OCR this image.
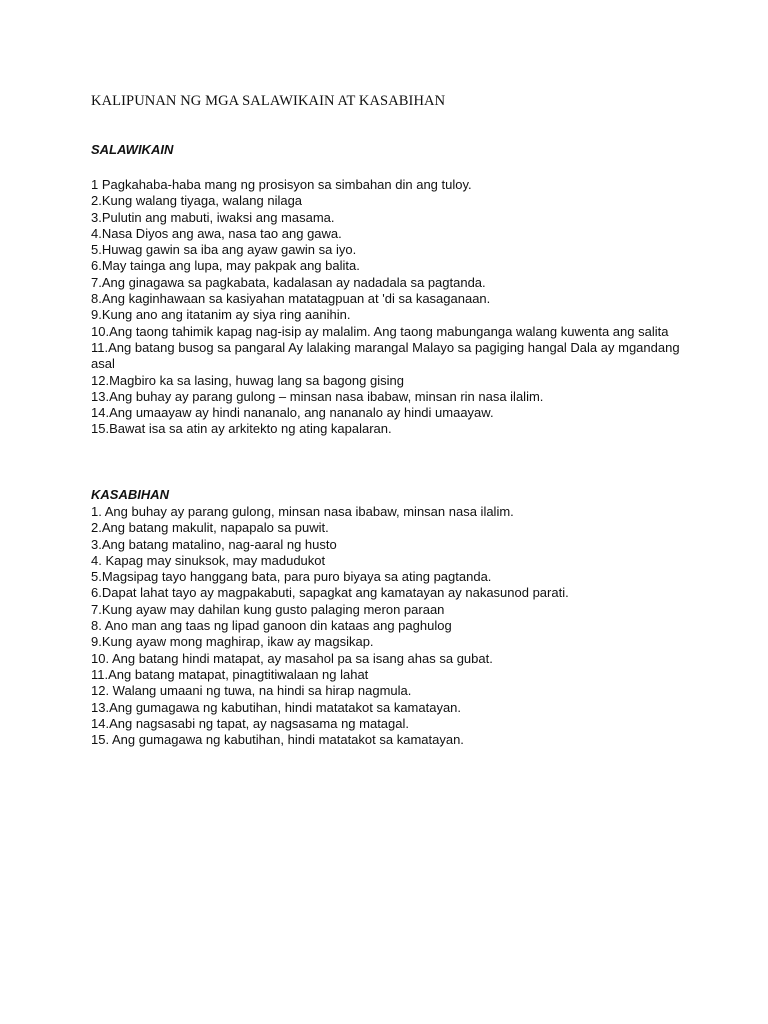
KALIPUNAN NG MGA SALAWIKAIN AT KASABIHAN
SALAWIKAIN
1 Pagkahaba-haba mang ng prosisyon sa simbahan din ang tuloy.
2.Kung walang tiyaga, walang nilaga
3.Pulutin ang mabuti, iwaksi ang masama.
4.Nasa Diyos ang awa, nasa tao ang gawa.
5.Huwag gawin sa iba ang ayaw gawin sa iyo.
6.May tainga ang lupa, may pakpak ang balita.
7.Ang ginagawa sa pagkabata, kadalasan ay nadadala sa pagtanda.
8.Ang kaginhawaan sa kasiyahan matatagpuan at 'di sa kasaganaan.
9.Kung ano ang itatanim ay siya ring aanihin.
10.Ang taong tahimik kapag nag-isip ay malalim. Ang taong mabunganga walang kuwenta ang salita
11.Ang batang busog sa pangaral Ay lalaking marangal Malayo sa pagiging hangal Dala ay mgandang asal
12.Magbiro ka sa lasing, huwag lang sa bagong gising
13.Ang buhay ay parang gulong – minsan nasa ibabaw, minsan rin nasa ilalim.
14.Ang umaayaw ay hindi nananalo, ang nananalo ay hindi umaayaw.
15.Bawat isa sa atin ay arkitekto ng ating kapalaran.
KASABIHAN
1. Ang buhay ay parang gulong, minsan nasa ibabaw, minsan nasa ilalim.
2.Ang batang makulit, napapalo sa puwit.
3.Ang batang matalino, nag-aaral ng husto
4. Kapag may sinuksok, may madudukot
5.Magsipag tayo hanggang bata, para puro biyaya sa ating pagtanda.
6.Dapat lahat tayo ay magpakabuti, sapagkat ang kamatayan ay nakasunod parati.
7.Kung ayaw may dahilan kung gusto palaging meron paraan
8. Ano man ang taas ng lipad ganoon din kataas ang paghulog
9.Kung ayaw mong maghirap, ikaw ay magsikap.
10. Ang batang hindi matapat, ay masahol pa sa isang ahas sa gubat.
11.Ang batang matapat, pinagtitiwalaan ng lahat
12. Walang umaani ng tuwa, na hindi sa hirap nagmula.
13.Ang gumagawa ng kabutihan, hindi matatakot sa kamatayan.
14.Ang nagsasabi ng tapat, ay nagsasama ng matagal.
15. Ang gumagawa ng kabutihan, hindi matatakot sa kamatayan.
